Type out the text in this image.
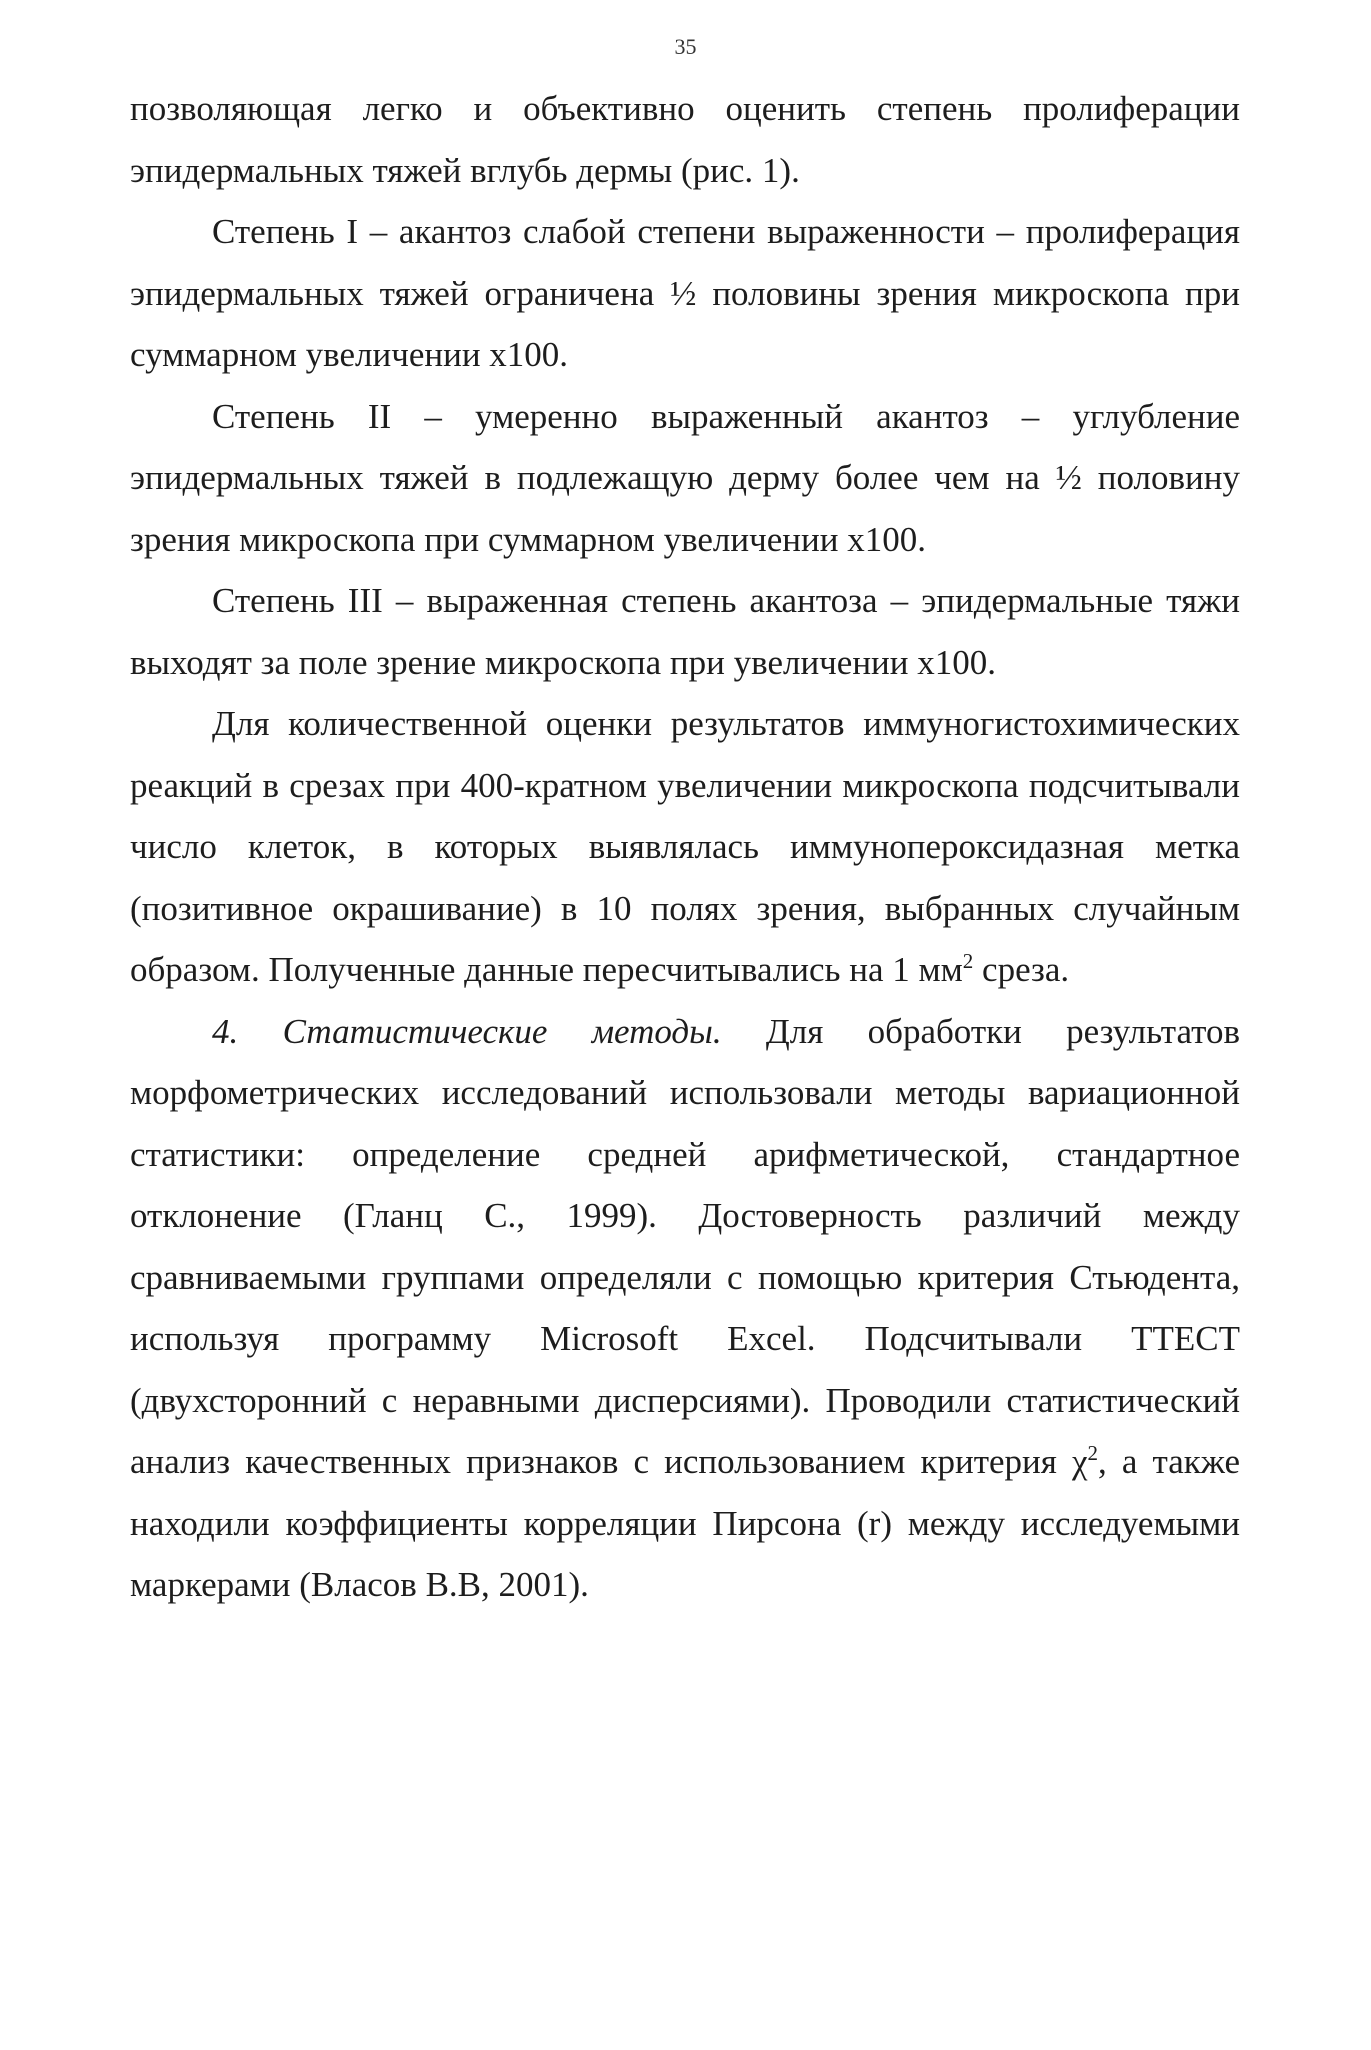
35

позволяющая легко и объективно оценить степень пролиферации эпидермальных тяжей вглубь дермы (рис. 1).

Степень I – акантоз слабой степени выраженности – пролиферация эпидермальных тяжей ограничена ½ половины зрения микроскопа при суммарном увеличении х100.

Степень II – умеренно выраженный акантоз – углубление эпидермальных тяжей в подлежащую дерму более чем на ½ половину зрения микроскопа при суммарном увеличении х100.

Степень III – выраженная степень акантоза – эпидермальные тяжи выходят за поле зрение микроскопа при увеличении х100.

Для количественной оценки результатов иммуногистохимических реакций в срезах при 400-кратном увеличении микроскопа подсчитывали число клеток, в которых выявлялась иммунопероксидазная метка (позитивное окрашивание) в 10 полях зрения, выбранных случайным образом. Полученные данные пересчитывались на 1 $мм^2$ среза.

4. Статистические методы. Для обработки результатов морфометрических исследований использовали методы вариационной статистики: определение средней арифметической, стандартное отклонение (Гланц С., 1999). Достоверность различий между сравниваемыми группами определяли с помощью критерия Стьюдента, используя программу Microsoft Excel. Подсчитывали TTECT (двухсторонний с неравными дисперсиями). Проводили статистический анализ качественных признаков с использованием критерия $\chi^2$, а также находили коэффициенты корреляции Пирсона (r) между исследуемыми маркерами (Власов В.В, 2001).
